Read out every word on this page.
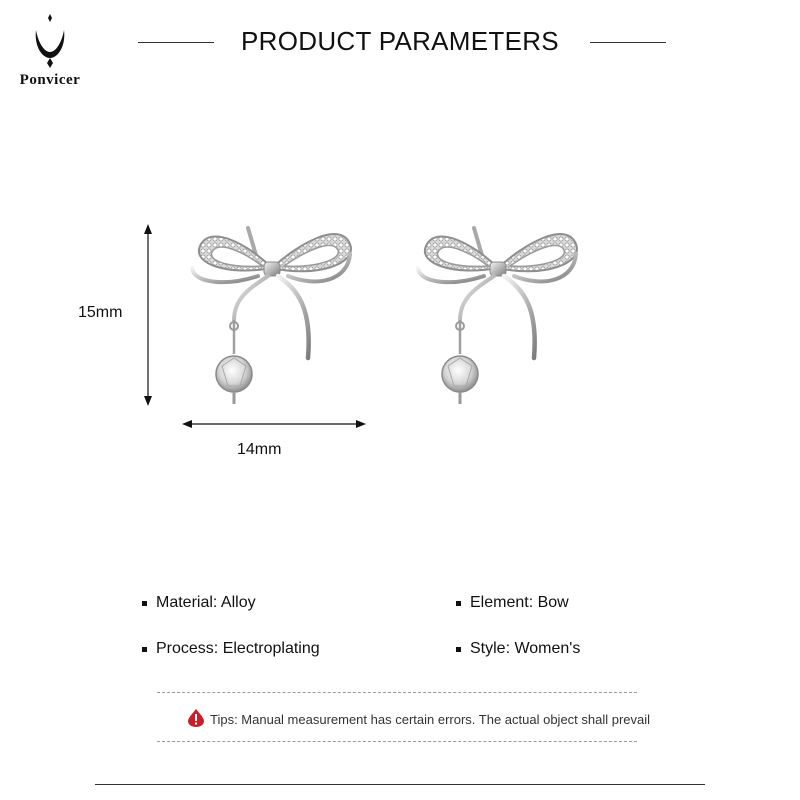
Ponvicer
PRODUCT PARAMETERS
15mm
14mm
Material: Alloy	Element: Bow
Process: Electroplating	Style: Women's
Tips: Manual measurement has certain errors. The actual object shall prevail
